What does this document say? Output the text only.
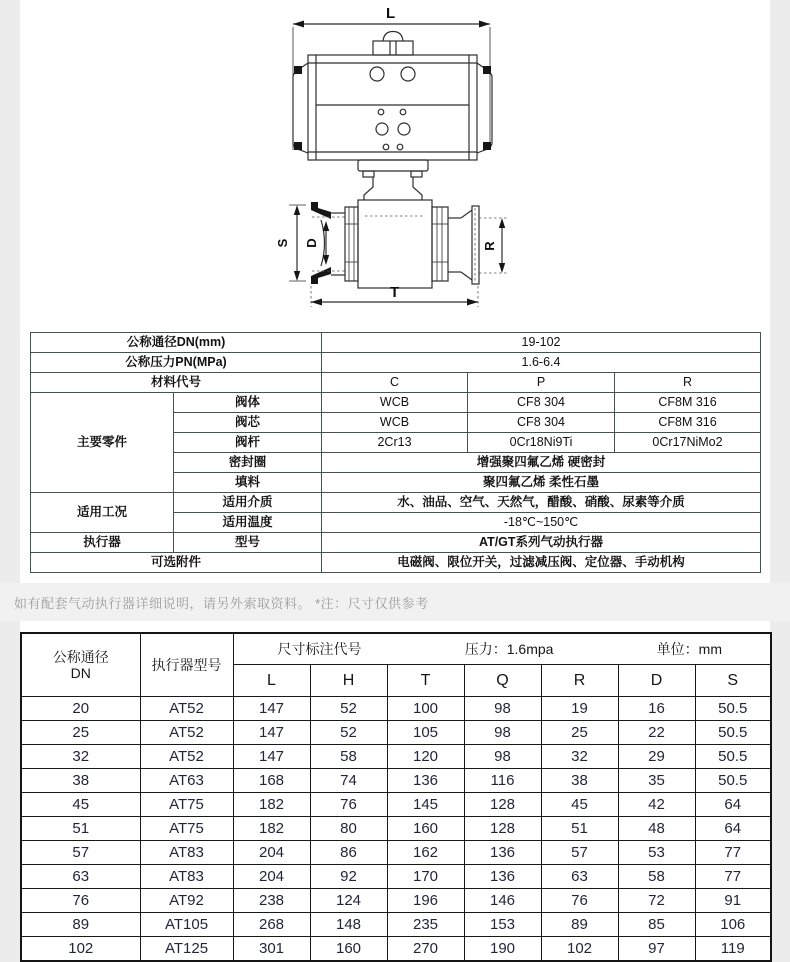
L
S D	R
T
公称通径DN(mm)		19-102		
公称压力PN(MPa)		1.6-6.4		
材料代号		C	P	R
主要零件	阀体	WCB	CF8 304	CF8M 316
	阀芯	WCB	CF8 304	CF8M 316
	阀杆	2Cr13	0Cr18Ni9Ti	0Cr17NiMo2
	密封圈	增强聚四氟乙烯 硬密封		
	填料	聚四氟乙烯 柔性石墨		
适用工况	适用介质	水、油品、空气、天然气，醋酸、硝酸、尿素等介质		
	适用温度	-18℃~150℃		
执行器	型号	AT/GT系列气动执行器		
可选附件		电磁阀、限位开关，过滤减压阀、定位器、手动机构		
如有配套气动执行器详细说明，请另外索取资料。 *注：尺寸仅供参考
公称通径
DN	执行器型号	尺寸标注代号 压力：1.6mpa 单位：mm						

		L	H	T	Q	R	D	S
20	AT52	147	52	100	98	19	16	50.5
25	AT52	147	52	105	98	25	22	50.5
32	AT52	147	58	120	98	32	29	50.5
38	AT63	168	74	136	116	38	35	50.5
45	AT75	182	76	145	128	45	42	64
51	AT75	182	80	160	128	51	48	64
57	AT83	204	86	162	136	57	53	77
63	AT83	204	92	170	136	63	58	77
76	AT92	238	124	196	146	76	72	91
89	AT105	268	148	235	153	89	85	106
102	AT125	301	160	270	190	102	97	119
